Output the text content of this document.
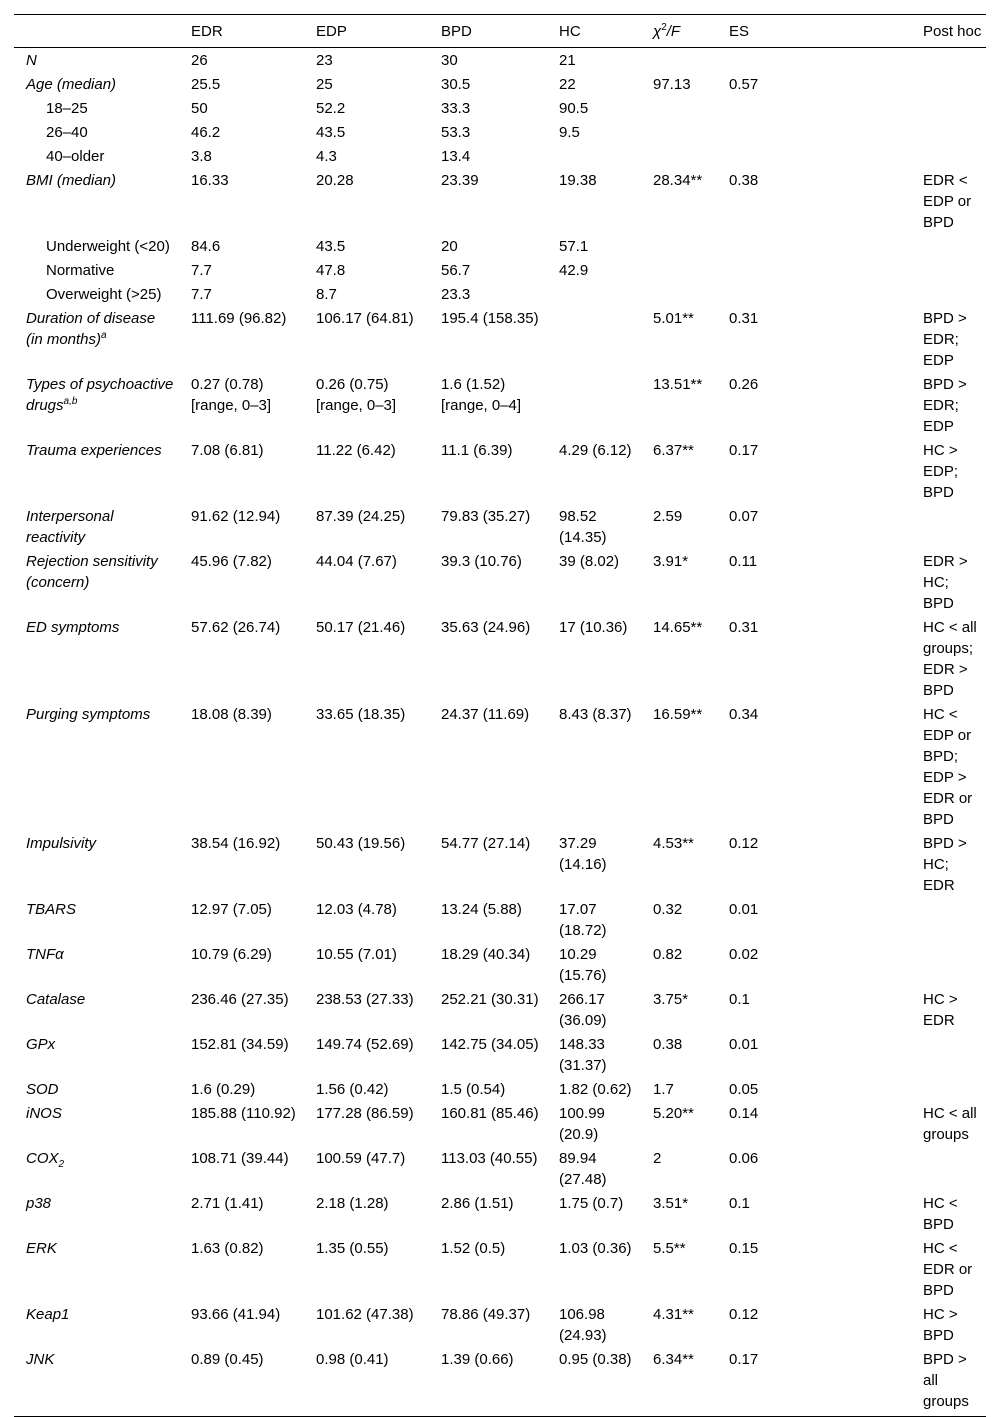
	EDR	EDP	BPD	HC	$\chi^2/F$	ES	Post hoc
N	26	23	30	21			
Age (median)	25.5	25	30.5	22	97.13	0.57	
18–25	50	52.2	33.3	90.5			
26–40	46.2	43.5	53.3	9.5			
40–older	3.8	4.3	13.4				
BMI (median)	16.33	20.28	23.39	19.38	28.34**	0.38	EDR < EDP or BPD
Underweight (<20)	84.6	43.5	20	57.1			
Normative	7.7	47.8	56.7	42.9			
Overweight (>25)	7.7	8.7	23.3				
Duration of disease (in months)$^a$	111.69 (96.82)	106.17 (64.81)	195.4 (158.35)		5.01**	0.31	BPD > EDR; EDP
Types of psychoactive drugs$^{a,b}$	0.27 (0.78) [range, 0–3]	0.26 (0.75) [range, 0–3]	1.6 (1.52) [range, 0–4]		13.51**	0.26	BPD > EDR; EDP
Trauma experiences	7.08 (6.81)	11.22 (6.42)	11.1 (6.39)	4.29 (6.12)	6.37**	0.17	HC > EDP; BPD
Interpersonal reactivity	91.62 (12.94)	87.39 (24.25)	79.83 (35.27)	98.52 (14.35)	2.59	0.07	
Rejection sensitivity (concern)	45.96 (7.82)	44.04 (7.67)	39.3 (10.76)	39 (8.02)	3.91*	0.11	EDR > HC; BPD
ED symptoms	57.62 (26.74)	50.17 (21.46)	35.63 (24.96)	17 (10.36)	14.65**	0.31	HC < all groups; EDR > BPD
Purging symptoms	18.08 (8.39)	33.65 (18.35)	24.37 (11.69)	8.43 (8.37)	16.59**	0.34	HC < EDP or BPD; EDP > EDR or BPD
Impulsivity	38.54 (16.92)	50.43 (19.56)	54.77 (27.14)	37.29 (14.16)	4.53**	0.12	BPD > HC; EDR
TBARS	12.97 (7.05)	12.03 (4.78)	13.24 (5.88)	17.07 (18.72)	0.32	0.01	
TNFα	10.79 (6.29)	10.55 (7.01)	18.29 (40.34)	10.29 (15.76)	0.82	0.02	
Catalase	236.46 (27.35)	238.53 (27.33)	252.21 (30.31)	266.17 (36.09)	3.75*	0.1	HC > EDR
GPx	152.81 (34.59)	149.74 (52.69)	142.75 (34.05)	148.33 (31.37)	0.38	0.01	
SOD	1.6 (0.29)	1.56 (0.42)	1.5 (0.54)	1.82 (0.62)	1.7	0.05	
iNOS	185.88 (110.92)	177.28 (86.59)	160.81 (85.46)	100.99 (20.9)	5.20**	0.14	HC < all groups
$COX_2$	108.71 (39.44)	100.59 (47.7)	113.03 (40.55)	89.94 (27.48)	2	0.06	
p38	2.71 (1.41)	2.18 (1.28)	2.86 (1.51)	1.75 (0.7)	3.51*	0.1	HC < BPD
ERK	1.63 (0.82)	1.35 (0.55)	1.52 (0.5)	1.03 (0.36)	5.5**	0.15	HC < EDR or BPD
Keap1	93.66 (41.94)	101.62 (47.38)	78.86 (49.37)	106.98 (24.93)	4.31**	0.12	HC > BPD
JNK	0.89 (0.45)	0.98 (0.41)	1.39 (0.66)	0.95 (0.38)	6.34**	0.17	BPD > all groups
